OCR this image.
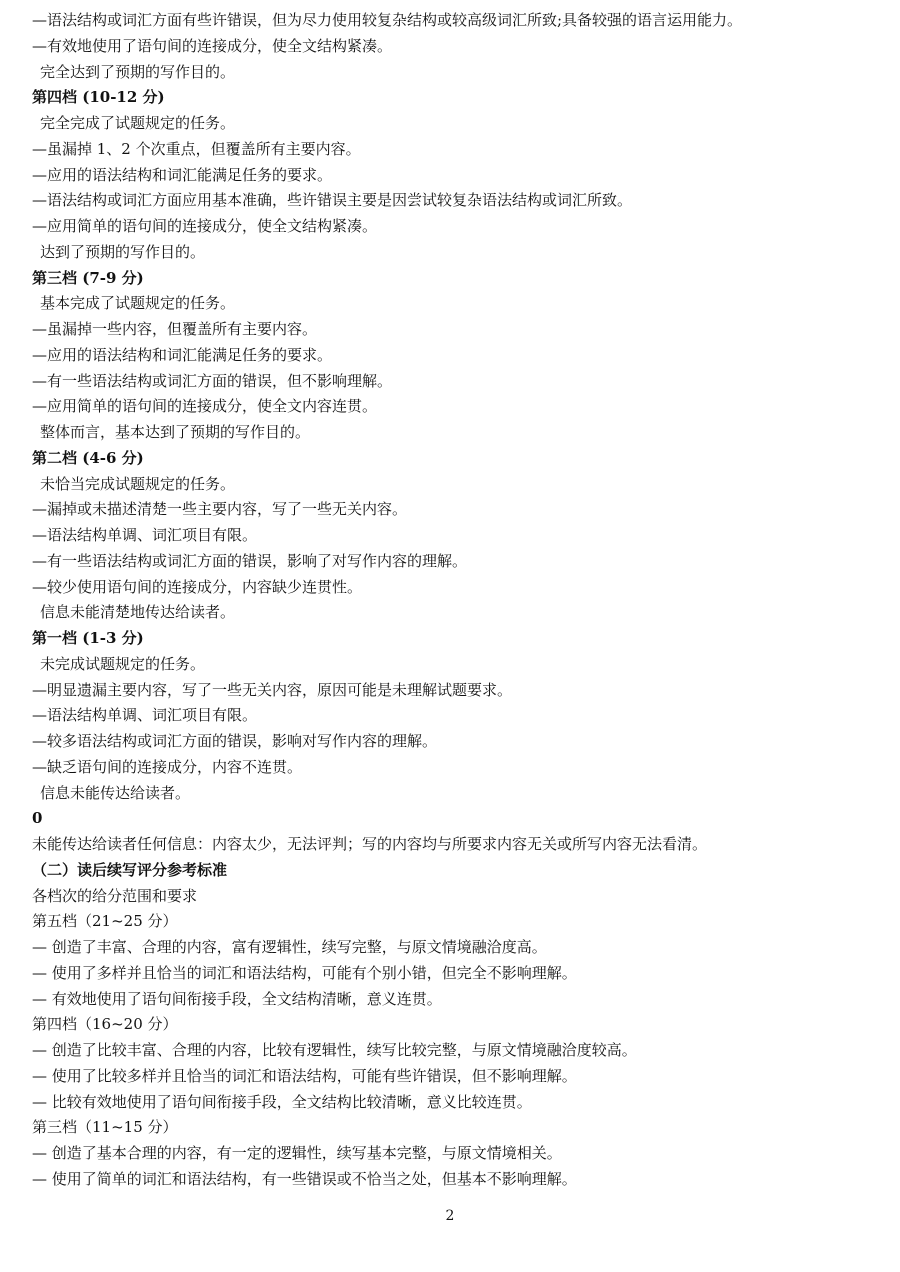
—语法结构或词汇方面有些许错误，但为尽力使用较复杂结构或较高级词汇所致;具备较强的语言运用能力。
—有效地使用了语句间的连接成分，使全文结构紧凑。
完全达到了预期的写作目的。
第四档 (10-12 分)
完全完成了试题规定的任务。
—虽漏掉 1、2 个次重点，但覆盖所有主要内容。
—应用的语法结构和词汇能满足任务的要求。
—语法结构或词汇方面应用基本准确，些许错误主要是因尝试较复杂语法结构或词汇所致。
—应用简单的语句间的连接成分，使全文结构紧凑。
达到了预期的写作目的。
第三档 (7-9 分)
基本完成了试题规定的任务。
—虽漏掉一些内容，但覆盖所有主要内容。
—应用的语法结构和词汇能满足任务的要求。
—有一些语法结构或词汇方面的错误，但不影响理解。
—应用简单的语句间的连接成分，使全文内容连贯。
整体而言，基本达到了预期的写作目的。
第二档 (4-6 分)
未恰当完成试题规定的任务。
—漏掉或未描述清楚一些主要内容，写了一些无关内容。
—语法结构单调、词汇项目有限。
—有一些语法结构或词汇方面的错误，影响了对写作内容的理解。
—较少使用语句间的连接成分，内容缺少连贯性。
信息未能清楚地传达给读者。
第一档 (1-3 分)
未完成试题规定的任务。
—明显遗漏主要内容，写了一些无关内容，原因可能是未理解试题要求。
—语法结构单调、词汇项目有限。
—较多语法结构或词汇方面的错误，影响对写作内容的理解。
—缺乏语句间的连接成分，内容不连贯。
信息未能传达给读者。
0
未能传达给读者任何信息：内容太少，无法评判；写的内容均与所要求内容无关或所写内容无法看清。
（二）读后续写评分参考标准
各档次的给分范围和要求
第五档（21~25 分）
— 创造了丰富、合理的内容，富有逻辑性，续写完整，与原文情境融洽度高。
— 使用了多样并且恰当的词汇和语法结构，可能有个别小错，但完全不影响理解。
— 有效地使用了语句间衔接手段，全文结构清晰，意义连贯。
第四档（16~20 分）
— 创造了比较丰富、合理的内容，比较有逻辑性，续写比较完整，与原文情境融洽度较高。
— 使用了比较多样并且恰当的词汇和语法结构，可能有些许错误，但不影响理解。
— 比较有效地使用了语句间衔接手段，全文结构比较清晰，意义比较连贯。
第三档（11~15 分）
— 创造了基本合理的内容，有一定的逻辑性，续写基本完整，与原文情境相关。
— 使用了简单的词汇和语法结构，有一些错误或不恰当之处，但基本不影响理解。
2
